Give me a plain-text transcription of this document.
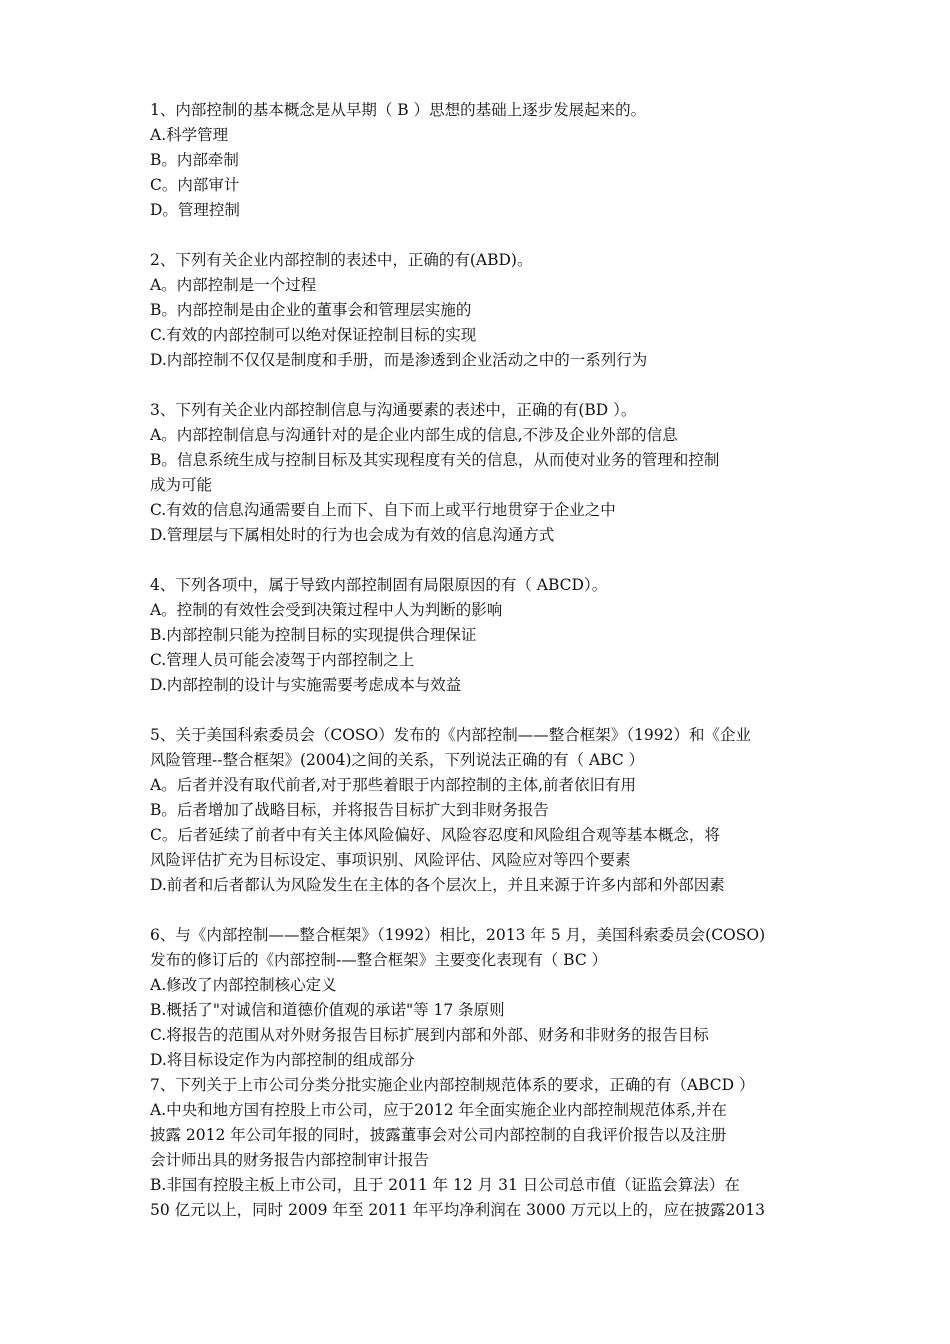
1、内部控制的基本概念是从早期（ B ）思想的基础上逐步发展起来的。
A.科学管理
B。内部牵制
C。内部审计
D。管理控制
2、下列有关企业内部控制的表述中，正确的有(ABD)。
A。内部控制是一个过程
B。内部控制是由企业的董事会和管理层实施的
C.有效的内部控制可以绝对保证控制目标的实现
D.内部控制不仅仅是制度和手册，而是渗透到企业活动之中的一系列行为
3、下列有关企业内部控制信息与沟通要素的表述中，正确的有(BD ）。
A。内部控制信息与沟通针对的是企业内部生成的信息,不涉及企业外部的信息
B。信息系统生成与控制目标及其实现程度有关的信息，从而使对业务的管理和控制
成为可能
C.有效的信息沟通需要自上而下、自下而上或平行地贯穿于企业之中
D.管理层与下属相处时的行为也会成为有效的信息沟通方式
4、下列各项中，属于导致内部控制固有局限原因的有（ ABCD）。
A。控制的有效性会受到决策过程中人为判断的影响
B.内部控制只能为控制目标的实现提供合理保证
C.管理人员可能会凌驾于内部控制之上
D.内部控制的设计与实施需要考虑成本与效益
5、关于美国科索委员会（COSO）发布的《内部控制——整合框架》（1992）和《企业
风险管理--整合框架》(2004)之间的关系，下列说法正确的有（ ABC ）
A。后者并没有取代前者,对于那些着眼于内部控制的主体,前者依旧有用
B。后者增加了战略目标，并将报告目标扩大到非财务报告
C。后者延续了前者中有关主体风险偏好、风险容忍度和风险组合观等基本概念，将
风险评估扩充为目标设定、事项识别、风险评估、风险应对等四个要素
D.前者和后者都认为风险发生在主体的各个层次上，并且来源于许多内部和外部因素
6、与《内部控制——整合框架》（1992）相比，2013 年 5 月，美国科索委员会(COSO)
发布的修订后的《内部控制-—整合框架》主要变化表现有（ BC ）
A.修改了内部控制核心定义
B.概括了"对诚信和道德价值观的承诺"等 17 条原则
C.将报告的范围从对外财务报告目标扩展到内部和外部、财务和非财务的报告目标
D.将目标设定作为内部控制的组成部分
7、下列关于上市公司分类分批实施企业内部控制规范体系的要求，正确的有（ABCD ）
A.中央和地方国有控股上市公司，应于2012 年全面实施企业内部控制规范体系,并在
披露 2012 年公司年报的同时，披露董事会对公司内部控制的自我评价报告以及注册
会计师出具的财务报告内部控制审计报告
B.非国有控股主板上市公司，且于 2011 年 12 月 31 日公司总市值（证监会算法）在
50 亿元以上，同时 2009 年至 2011 年平均净利润在 3000 万元以上的，应在披露2013
